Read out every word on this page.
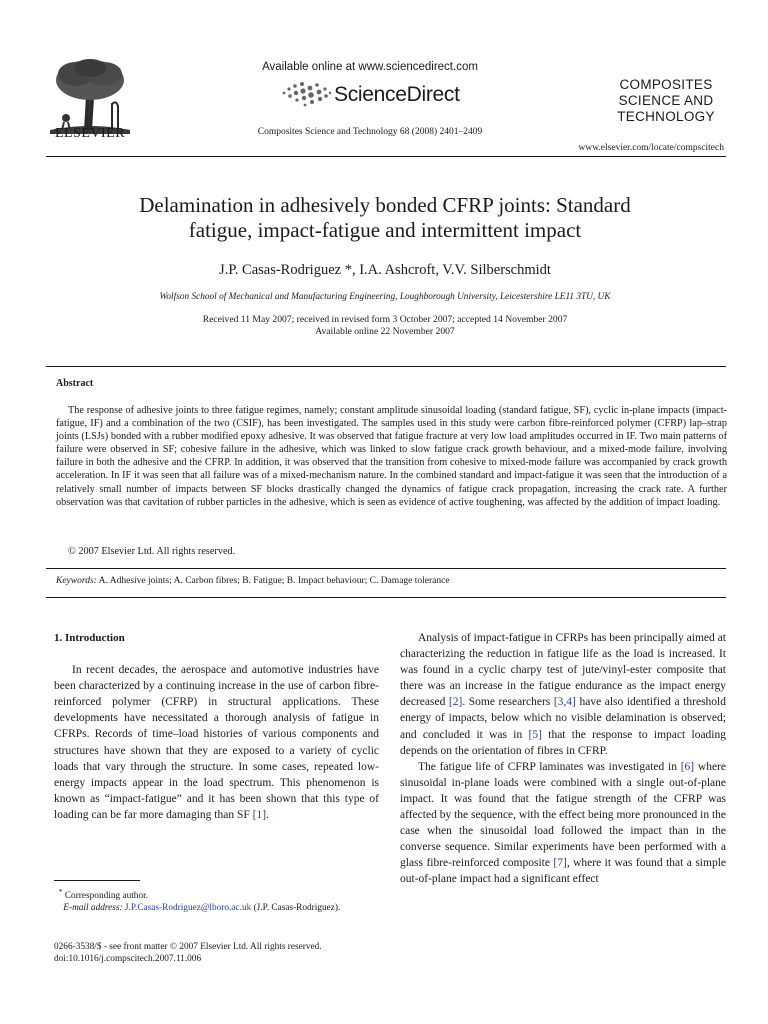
ELSEVIER
Available online at www.sciencedirect.com
ScienceDirect
Composites Science and Technology 68 (2008) 2401–2409
COMPOSITES
SCIENCE AND
TECHNOLOGY
www.elsevier.com/locate/compscitech
Delamination in adhesively bonded CFRP joints: Standard
fatigue, impact-fatigue and intermittent impact
J.P. Casas-Rodriguez *, I.A. Ashcroft, V.V. Silberschmidt
Wolfson School of Mechanical and Manufacturing Engineering, Loughborough University, Leicestershire LE11 3TU, UK
Received 11 May 2007; received in revised form 3 October 2007; accepted 14 November 2007
Available online 22 November 2007
Abstract
The response of adhesive joints to three fatigue regimes, namely; constant amplitude sinusoidal loading (standard fatigue, SF), cyclic in-plane impacts (impact-fatigue, IF) and a combination of the two (CSIF), has been investigated. The samples used in this study were carbon fibre-reinforced polymer (CFRP) lap–strap joints (LSJs) bonded with a rubber modified epoxy adhesive. It was observed that fatigue fracture at very low load amplitudes occurred in IF. Two main patterns of failure were observed in SF; cohesive failure in the adhesive, which was linked to slow fatigue crack growth behaviour, and a mixed-mode failure, involving failure in both the adhesive and the CFRP. In addition, it was observed that the transition from cohesive to mixed-mode failure was accompanied by crack growth acceleration. In IF it was seen that all failure was of a mixed-mechanism nature. In the combined standard and impact-fatigue it was seen that the introduction of a relatively small number of impacts between SF blocks drastically changed the dynamics of fatigue crack propagation, increasing the crack rate. A further observation was that cavitation of rubber particles in the adhesive, which is seen as evidence of active toughening, was affected by the addition of impact loading.
© 2007 Elsevier Ltd. All rights reserved.
Keywords: A. Adhesive joints; A. Carbon fibres; B. Fatigue; B. Impact behaviour; C. Damage tolerance
1. Introduction

In recent decades, the aerospace and automotive industries have been characterized by a continuing increase in the use of carbon fibre-reinforced polymer (CFRP) in structural applications. These developments have necessitated a thorough analysis of fatigue in CFRPs. Records of time–load histories of various components and structures have shown that they are exposed to a variety of cyclic loads that vary through the structure. In some cases, repeated low-energy impacts appear in the load spectrum. This phenomenon is known as “impact-fatigue” and it has been shown that this type of loading can be far more damaging than SF [1].

Analysis of impact-fatigue in CFRPs has been principally aimed at characterizing the reduction in fatigue life as the load is increased. It was found in a cyclic charpy test of jute/vinyl-ester composite that there was an increase in the fatigue endurance as the impact energy decreased [2]. Some researchers [3,4] have also identified a threshold energy of impacts, below which no visible delamination is observed; and concluded it was in [5] that the response to impact loading depends on the orientation of fibres in CFRP.

The fatigue life of CFRP laminates was investigated in [6] where sinusoidal in-plane loads were combined with a single out-of-plane impact. It was found that the fatigue strength of the CFRP was affected by the sequence, with the effect being more pronounced in the case when the sinusoidal load followed the impact than in the converse sequence. Similar experiments have been performed with a glass fibre-reinforced composite [7], where it was found that a simple out-of-plane impact had a significant effect

* Corresponding author.
E-mail address: J.P.Casas-Rodriguez@lboro.ac.uk (J.P. Casas-Rodriguez).
0266-3538/$ - see front matter © 2007 Elsevier Ltd. All rights reserved.
doi:10.1016/j.compscitech.2007.11.006
